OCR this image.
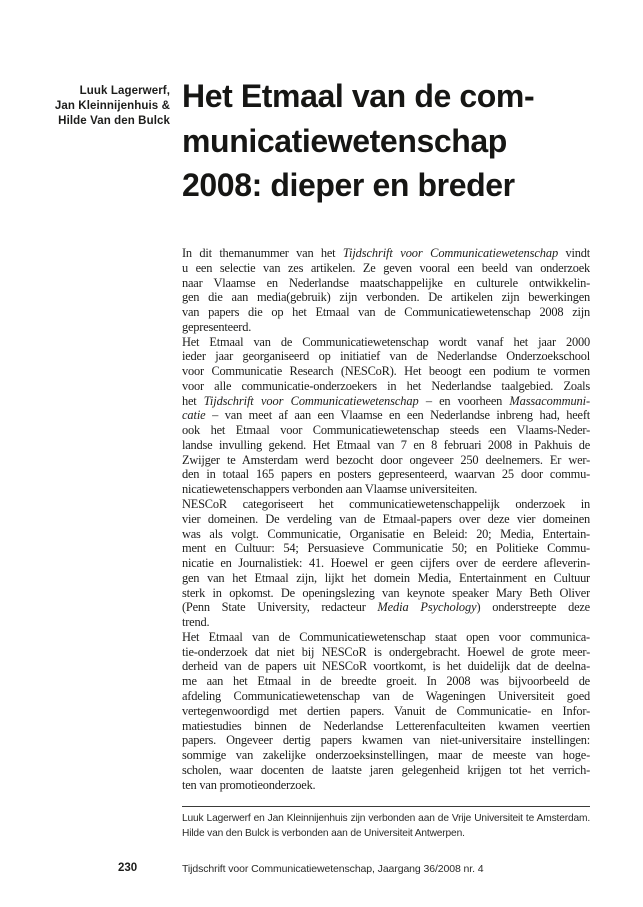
Luuk Lagerwerf,
Jan Kleinnijenhuis &
Hilde Van den Bulck
Het Etmaal van de com-
municatiewetenschap
2008: dieper en breder
In dit themanummer van het Tijdschrift voor Communicatiewetenschap vindt
u een selectie van zes artikelen. Ze geven vooral een beeld van onderzoek
naar Vlaamse en Nederlandse maatschappelijke en culturele ontwikkelin-
gen die aan media(gebruik) zijn verbonden. De artikelen zijn bewerkingen
van papers die op het Etmaal van de Communicatiewetenschap 2008 zijn
gepresenteerd.
Het Etmaal van de Communicatiewetenschap wordt vanaf het jaar 2000
ieder jaar georganiseerd op initiatief van de Nederlandse Onderzoekschool
voor Communicatie Research (NESCoR). Het beoogt een podium te vormen
voor alle communicatie-onderzoekers in het Nederlandse taalgebied. Zoals
het Tijdschrift voor Communicatiewetenschap – en voorheen Massacommuni-
catie – van meet af aan een Vlaamse en een Nederlandse inbreng had, heeft
ook het Etmaal voor Communicatiewetenschap steeds een Vlaams-Neder-
landse invulling gekend. Het Etmaal van 7 en 8 februari 2008 in Pakhuis de
Zwijger te Amsterdam werd bezocht door ongeveer 250 deelnemers. Er wer-
den in totaal 165 papers en posters gepresenteerd, waarvan 25 door commu-
nicatiewetenschappers verbonden aan Vlaamse universiteiten.
NESCoR categoriseert het communicatiewetenschappelijk onderzoek in
vier domeinen. De verdeling van de Etmaal-papers over deze vier domeinen
was als volgt. Communicatie, Organisatie en Beleid: 20; Media, Entertain-
ment en Cultuur: 54; Persuasieve Communicatie 50; en Politieke Commu-
nicatie en Journalistiek: 41. Hoewel er geen cijfers over de eerdere afleverin-
gen van het Etmaal zijn, lijkt het domein Media, Entertainment en Cultuur
sterk in opkomst. De openingslezing van keynote speaker Mary Beth Oliver
(Penn State University, redacteur Media Psychology) onderstreepte deze
trend.
Het Etmaal van de Communicatiewetenschap staat open voor communica-
tie-onderzoek dat niet bij NESCoR is ondergebracht. Hoewel de grote meer-
derheid van de papers uit NESCoR voortkomt, is het duidelijk dat de deelna-
me aan het Etmaal in de breedte groeit. In 2008 was bijvoorbeeld de
afdeling Communicatiewetenschap van de Wageningen Universiteit goed
vertegenwoordigd met dertien papers. Vanuit de Communicatie- en Infor-
matiestudies binnen de Nederlandse Letterenfaculteiten kwamen veertien
papers. Ongeveer dertig papers kwamen van niet-universitaire instellingen:
sommige van zakelijke onderzoeksinstellingen, maar de meeste van hoge-
scholen, waar docenten de laatste jaren gelegenheid krijgen tot het verrich-
ten van promotieonderzoek.
Luuk Lagerwerf en Jan Kleinnijenhuis zijn verbonden aan de Vrije Universiteit te Amsterdam. Hilde van den Bulck is verbonden aan de Universiteit Antwerpen.
230	Tijdschrift voor Communicatiewetenschap, Jaargang 36/2008 nr. 4
